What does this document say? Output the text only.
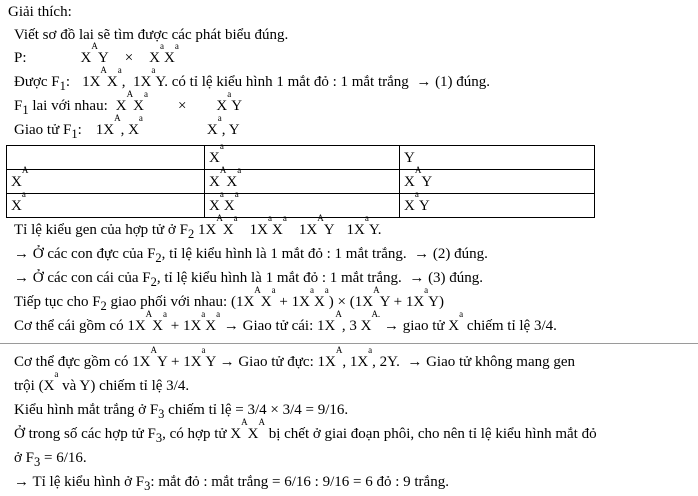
Giải thích:
Viết sơ đồ lai sẽ tìm được các phát biểu đúng.
P:	$X^AY \times X^aX^a$
Được $F_1$: $1X^AX^a$,  $1X^aY$. có tỉ lệ kiểu hình 1 mắt đỏ : 1 mắt trắng → (1) đúng.
$F_1$ lai với nhau: $X^AX^a\times X^aY$
Giao tử $F_1$: $1X^A$, $X^aX^a$, Y
	$X^a$	Y
$X^A$	$X^AX^a$	$X^AY$
$X^a$	$X^aX^a$	$X^aY$
Tỉ lệ kiểu gen của hợp tử ở $F_2$ $1X^AX^a1X^aX^a1X^AY$ $1X^aY$.
→ Ở các con đực của $F_2$, tỉ lệ kiểu hình là 1 mắt đỏ : 1 mắt trắng. → (2) đúng.
→ Ở các con cái của $F_2$, tỉ lệ kiểu hình là 1 mắt đỏ : 1 mắt trắng. → (3) đúng.
Tiếp tục cho $F_2$ giao phối với nhau: $(1X^AX^a + 1X^aX^a) \times (1X^AY + 1X^aY)$
Cơ thể cái gồm có $1X^AX^a + 1X^aX^a$ → Giao tử cái: $1X^A$, 3 $X^{A.}$ → giao tử $X^a$ chiếm tỉ lệ 3/4.
Cơ thể đực gồm có $1X^AY + 1X^aY$ → Giao tử đực: $1X^A$, $1X^a$, 2Y. → Giao tử không mang gen
trội ($X^a$ và Y) chiếm tỉ lệ 3/4.
Kiểu hình mắt trắng ở $F_3$ chiếm tỉ lệ = 3/4 × 3/4 = 9/16.
Ở trong số các hợp tử $F_3$, có hợp tử $X^AX^A$ bị chết ở giai đoạn phôi, cho nên tỉ lệ kiểu hình mắt đỏ
ở $F_3 = 6/16$.
→ Tỉ lệ kiểu hình ở $F_3$: mắt đỏ : mắt trắng = 6/16 : 9/16 = 6 đỏ : 9 trắng.
